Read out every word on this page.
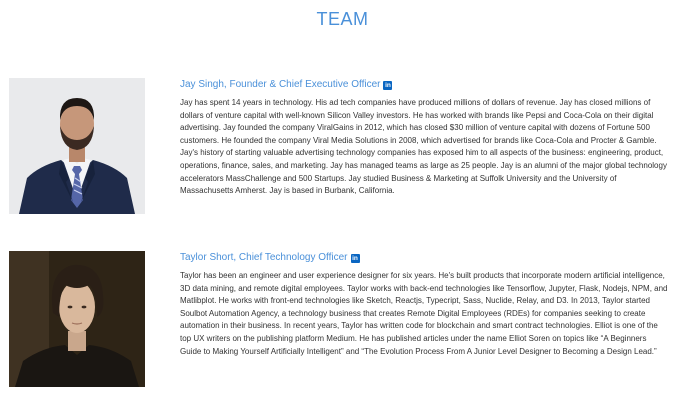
TEAM
Jay Singh, Founder & Chief Executive Officer in
Jay has spent 14 years in technology. His ad tech companies have produced millions of dollars of revenue. Jay has closed millions of dollars of venture capital with well-known Silicon Valley investors. He has worked with brands like Pepsi and Coca-Cola on their digital advertising. Jay founded the company ViralGains in 2012, which has closed $30 million of venture capital with dozens of Fortune 500 customers. He founded the company Viral Media Solutions in 2008, which advertised for brands like Coca-Cola and Procter & Gamble. Jay's history of starting valuable advertising technology companies has exposed him to all aspects of the business: engineering, product, operations, finance, sales, and marketing. Jay has managed teams as large as 25 people. Jay is an alumni of the major global technology accelerators MassChallenge and 500 Startups. Jay studied Business & Marketing at Suffolk University and the University of Massachusetts Amherst. Jay is based in Burbank, California.
Taylor Short, Chief Technology Officer in
Taylor has been an engineer and user experience designer for six years. He's built products that incorporate modern artificial intelligence, 3D data mining, and remote digital employees. Taylor works with back-end technologies like Tensorflow, Jupyter, Flask, Nodejs, NPM, and Matlibplot. He works with front-end technologies like Sketch, Reactjs, Typecript, Sass, Nuclide, Relay, and D3. In 2013, Taylor started Soulbot Automation Agency, a technology business that creates Remote Digital Employees (RDEs) for companies seeking to create automation in their business. In recent years, Taylor has written code for blockchain and smart contract technologies. Elliot is one of the top UX writers on the publishing platform Medium. He has published articles under the name Elliot Soren on topics like “A Beginners Guide to Making Yourself Artificially Intelligent” and “The Evolution Process From A Junior Level Designer to Becoming a Design Lead.”
